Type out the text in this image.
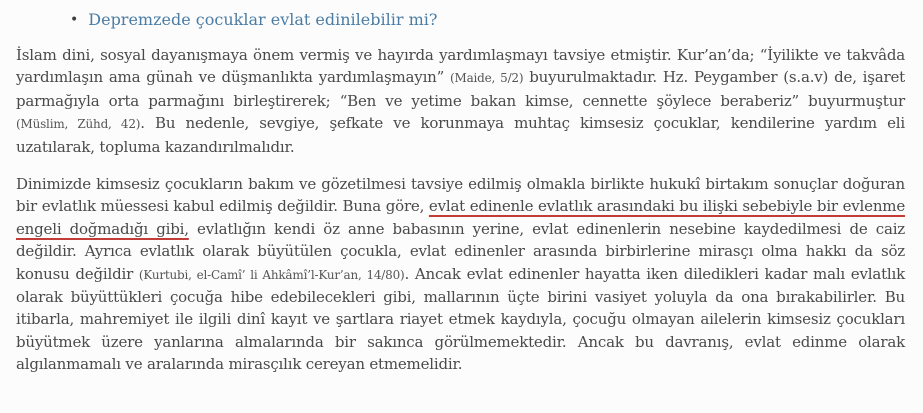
• Depremzede çocuklar evlat edinilebilir mi?

İslam dini, sosyal dayanışmaya önem vermiş ve hayırda yardımlaşmayı tavsiye etmiştir. Kur’an’da; “İyilikte ve takvâda yardımlaşın ama günah ve düşmanlıkta yardımlaşmayın” (Maide, 5/2) buyurulmaktadır. Hz. Peygamber (s.a.v) de, işaret parmağıyla orta parmağını birleştirerek; “Ben ve yetime bakan kimse, cennette şöylece beraberiz” buyurmuştur (Müslim, Zühd, 42). Bu nedenle, sevgiye, şefkate ve korunmaya muhtaç kimsesiz çocuklar, kendilerine yardım eli uzatılarak, topluma kazandırılmalıdır.

Dinimizde kimsesiz çocukların bakım ve gözetilmesi tavsiye edilmiş olmakla birlikte hukukî birtakım sonuçlar doğuran bir evlatlık müessesi kabul edilmiş değildir. Buna göre, evlat edinenle evlatlık arasındaki bu ilişki sebebiyle bir evlenme engeli doğmadığı gibi, evlatlığın kendi öz anne babasının yerine, evlat edinenlerin nesebine kaydedilmesi de caiz değildir. Ayrıca evlatlık olarak büyütülen çocukla, evlat edinenler arasında birbirlerine mirasçı olma hakkı da söz konusu değildir (Kurtubi, el-Camî’ li Ahkâmî’l-Kur’an, 14/80). Ancak evlat edinenler hayatta iken diledikleri kadar malı evlatlık olarak büyüttükleri çocuğa hibe edebilecekleri gibi, mallarının üçte birini vasiyet yoluyla da ona bırakabilirler. Bu itibarla, mahremiyet ile ilgili dinî kayıt ve şartlara riayet etmek kaydıyla, çocuğu olmayan ailelerin kimsesiz çocukları büyütmek üzere yanlarına almalarında bir sakınca görülmemektedir. Ancak bu davranış, evlat edinme olarak algılanmamalı ve aralarında mirasçılık cereyan etmemelidir.
